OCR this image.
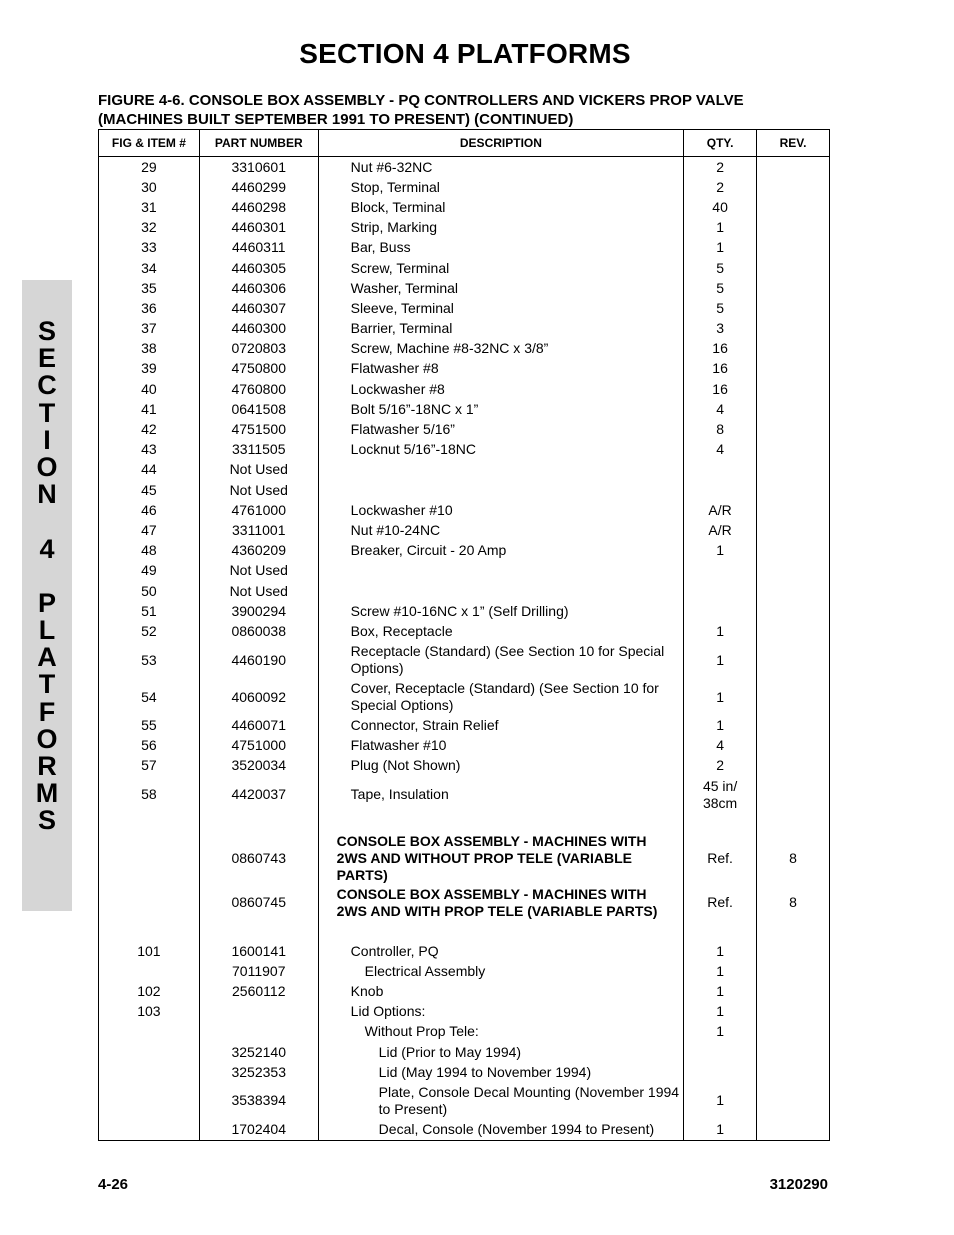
SECTION 4 PLATFORMS
FIGURE 4-6. CONSOLE BOX ASSEMBLY - PQ CONTROLLERS AND VICKERS PROP VALVE
(MACHINES BUILT SEPTEMBER 1991 TO PRESENT) (CONTINUED)
S
E
C
T
I
O
N
4
P
L
A
T
F
O
R
M
S
FIG & ITEM #	PART NUMBER	DESCRIPTION	QTY.	REV.
29	3310601	Nut #6-32NC	2	
30	4460299	Stop, Terminal	2	
31	4460298	Block, Terminal	40	
32	4460301	Strip, Marking	1	
33	4460311	Bar, Buss	1	
34	4460305	Screw, Terminal	5	
35	4460306	Washer, Terminal	5	
36	4460307	Sleeve, Terminal	5	
37	4460300	Barrier, Terminal	3	
38	0720803	Screw, Machine #8-32NC x 3/8”	16	
39	4750800	Flatwasher #8	16	
40	4760800	Lockwasher #8	16	
41	0641508	Bolt 5/16”-18NC x 1”	4	
42	4751500	Flatwasher 5/16”	8	
43	3311505	Locknut 5/16”-18NC	4	
44	Not Used	

45	Not Used	

46	4761000	Lockwasher #10	A/R	
47	3311001	Nut #10-24NC	A/R	
48	4360209	Breaker, Circuit - 20 Amp	1	
49	Not Used	

50	Not Used	

51	3900294	Screw #10-16NC x 1” (Self Drilling)		

52	0860038	Box, Receptacle	1	
53	4460190	Receptacle (Standard) (See Section 10 for Special Options)	1	
54	4060092	Cover, Receptacle (Standard) (See Section 10 for Special Options)	1	
55	4460071	Connector, Strain Relief	1	
56	4751000	Flatwasher #10	4	
57	3520034	Plug (Not Shown)	2	
58	4420037	Tape, Insulation	45 in/ 38cm	

	0860743	CONSOLE BOX ASSEMBLY - MACHINES WITH 2WS AND WITHOUT PROP TELE (VARIABLE PARTS)	Ref.	8
	0860745	CONSOLE BOX ASSEMBLY - MACHINES WITH 2WS AND WITH PROP TELE (VARIABLE PARTS)	Ref.	8

101	1600141	Controller, PQ	1	
	7011907	Electrical Assembly	1	
102	2560112	Knob	1	
103		Lid Options:	1	

		Without Prop Tele:	1	
	3252140	Lid (Prior to May 1994)		

	3252353	Lid (May 1994 to November 1994)		

	3538394	Plate, Console Decal Mounting (November 1994 to Present)	1	
	1702404	Decal, Console (November 1994 to Present)	1	
4-26	3120290
